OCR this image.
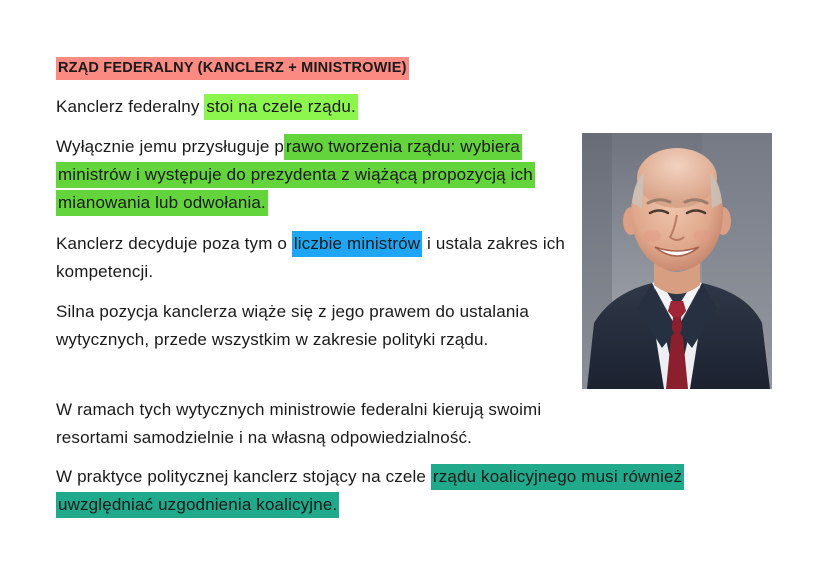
RZĄD FEDERALNY (KANCLERZ + MINISTROWIE)

Kanclerz federalny stoi na czele rządu.

Wyłącznie jemu przysługuje p rawo tworzenia rządu: wybiera ministrów i występuje do prezydenta z wiążącą propozycją ich mianowania lub odwołania.

Kanclerz decyduje poza tym o liczbie ministrów i ustala zakres ich kompetencji.

Silna pozycja kanclerza wiąże się z jego prawem do ustalania wytycznych, przede wszystkim w zakresie polityki rządu.

W ramach tych wytycznych ministrowie federalni kierują swoimi resortami samodzielnie i na własną odpowiedzialność.

W praktyce politycznej kanclerz stojący na czele rządu koalicyjnego musi również uwzględniać uzgodnienia koalicyjne.
